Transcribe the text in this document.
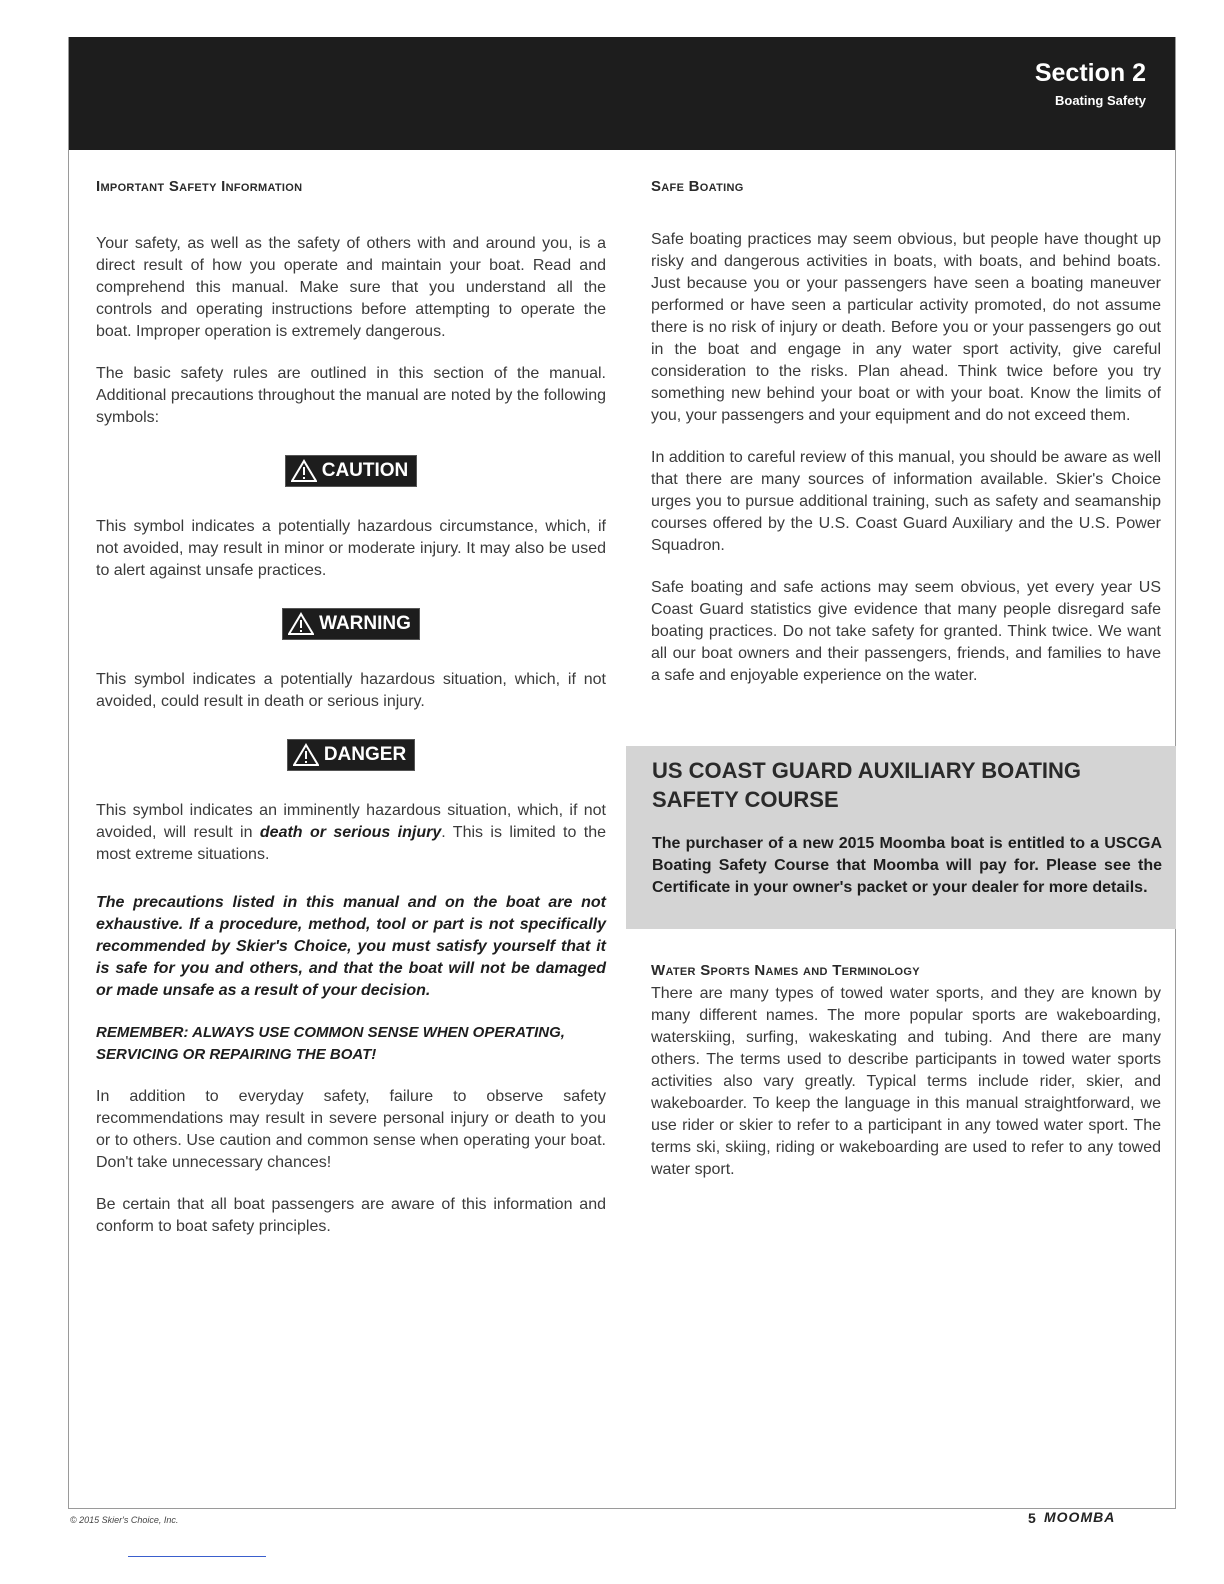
Section 2
Boating Safety
Important Safety Information

Your safety, as well as the safety of others with and around you, is a direct result of how you operate and maintain your boat. Read and comprehend this manual. Make sure that you understand all the controls and operating instructions before attempting to operate the boat. Improper operation is extremely dangerous.

The basic safety rules are outlined in this section of the manual. Additional precautions throughout the manual are noted by the following symbols:

CAUTION

This symbol indicates a potentially hazardous circumstance, which, if not avoided, may result in minor or moderate injury. It may also be used to alert against unsafe practices.

WARNING

This symbol indicates a potentially hazardous situation, which, if not avoided, could result in death or serious injury.

DANGER

This symbol indicates an imminently hazardous situation, which, if not avoided, will result in death or serious injury. This is limited to the most extreme situations.

The precautions listed in this manual and on the boat are not exhaustive. If a procedure, method, tool or part is not specifically recommended by Skier's Choice, you must satisfy yourself that it is safe for you and others, and that the boat will not be damaged or made unsafe as a result of your decision.

REMEMBER: ALWAYS USE COMMON SENSE WHEN OPERATING, SERVICING OR REPAIRING THE BOAT!

In addition to everyday safety, failure to observe safety recommendations may result in severe personal injury or death to you or to others. Use caution and common sense when operating your boat. Don't take unnecessary chances!

Be certain that all boat passengers are aware of this information and conform to boat safety principles.

Safe Boating

Safe boating practices may seem obvious, but people have thought up risky and dangerous activities in boats, with boats, and behind boats. Just because you or your passengers have seen a boating maneuver performed or have seen a particular activity promoted, do not assume there is no risk of injury or death. Before you or your passengers go out in the boat and engage in any water sport activity, give careful consideration to the risks. Plan ahead. Think twice before you try something new behind your boat or with your boat. Know the limits of you, your passengers and your equipment and do not exceed them.

In addition to careful review of this manual, you should be aware as well that there are many sources of information available. Skier's Choice urges you to pursue additional training, such as safety and seamanship courses offered by the U.S. Coast Guard Auxiliary and the U.S. Power Squadron.

Safe boating and safe actions may seem obvious, yet every year US Coast Guard statistics give evidence that many people disregard safe boating practices. Do not take safety for granted. Think twice. We want all our boat owners and their passengers, friends, and families to have a safe and enjoyable experience on the water.

US COAST GUARD AUXILIARY BOATING SAFETY COURSE
The purchaser of a new 2015 Moomba boat is entitled to a USCGA Boating Safety Course that Moomba will pay for. Please see the Certificate in your owner's packet or your dealer for more details.
Water Sports Names and Terminology

There are many types of towed water sports, and they are known by many different names. The more popular sports are wakeboarding, waterskiing, surfing, wakeskating and tubing. And there are many others. The terms used to describe participants in towed water sports activities also vary greatly. Typical terms include rider, skier, and wakeboarder. To keep the language in this manual straightforward, we use rider or skier to refer to a participant in any towed water sport. The terms ski, skiing, riding or wakeboarding are used to refer to any towed water sport.

© 2015 Skier's Choice, Inc.	5 MOOMBA
